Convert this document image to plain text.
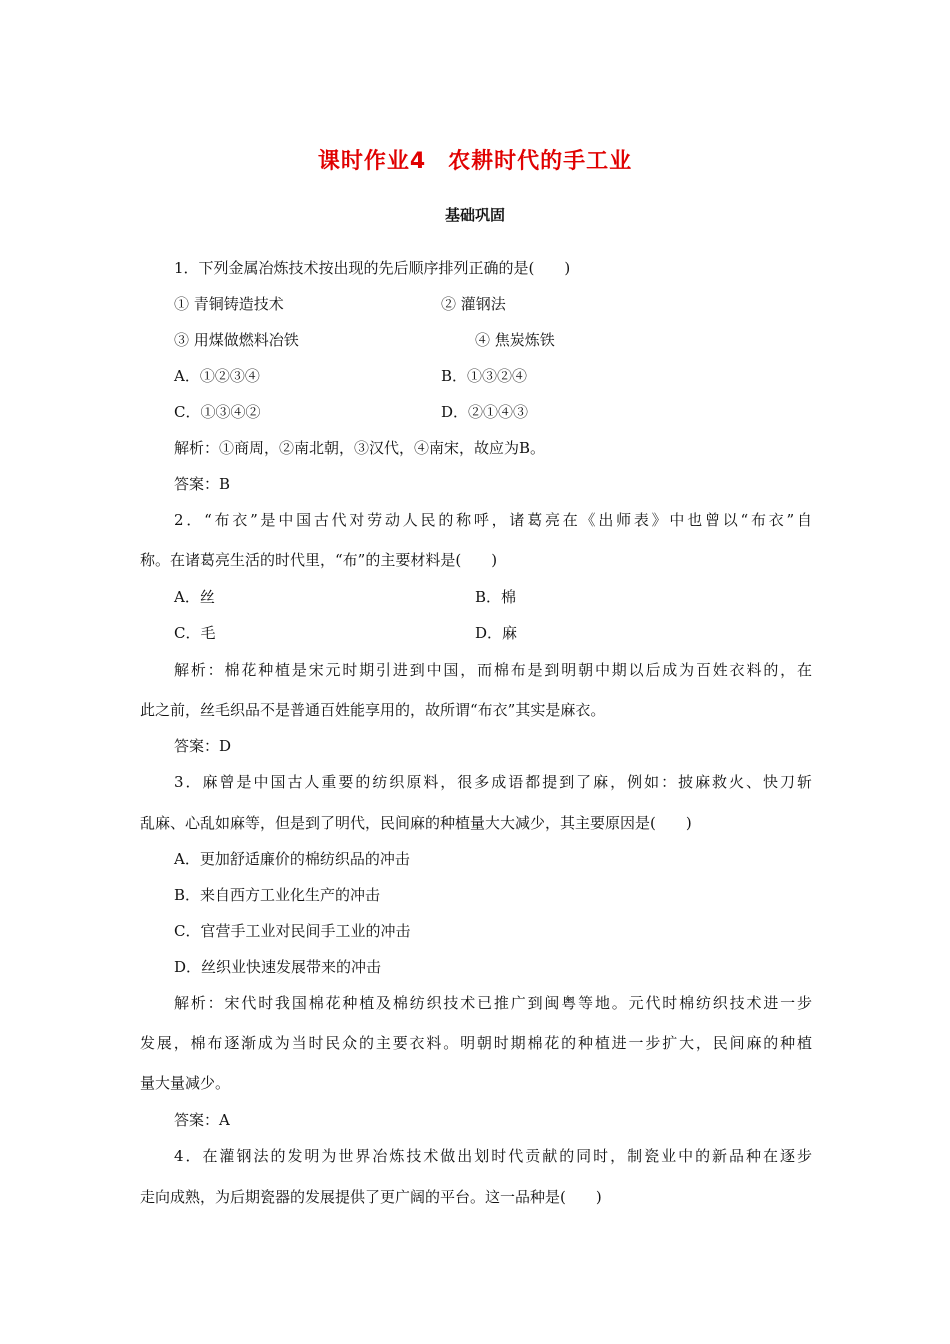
课时作业4 农耕时代的手工业
基础巩固
1．下列金属冶炼技术按出现的先后顺序排列正确的是(　　)
① 青铜铸造技术	② 灌钢法
③ 用煤做燃料冶铁	④ 焦炭炼铁
A．①②③④	B．①③②④
C．①③④②	D．②①④③
解析：①商周，②南北朝，③汉代，④南宋，故应为B。
答案：B
2．“布衣”是中国古代对劳动人民的称呼，诸葛亮在《出师表》中也曾以“布衣”自
称。在诸葛亮生活的时代里，“布”的主要材料是(　　)
A．丝	B．棉
C．毛	D．麻
解析：棉花种植是宋元时期引进到中国，而棉布是到明朝中期以后成为百姓衣料的，在
此之前，丝毛织品不是普通百姓能享用的，故所谓“布衣”其实是麻衣。
答案：D
3．麻曾是中国古人重要的纺织原料，很多成语都提到了麻，例如：披麻救火、快刀斩
乱麻、心乱如麻等，但是到了明代，民间麻的种植量大大减少，其主要原因是(　　)
A．更加舒适廉价的棉纺织品的冲击
B．来自西方工业化生产的冲击
C．官营手工业对民间手工业的冲击
D．丝织业快速发展带来的冲击
解析：宋代时我国棉花种植及棉纺织技术已推广到闽粤等地。元代时棉纺织技术进一步
发展，棉布逐渐成为当时民众的主要衣料。明朝时期棉花的种植进一步扩大，民间麻的种植
量大量减少。
答案：A
4．在灌钢法的发明为世界冶炼技术做出划时代贡献的同时，制瓷业中的新品种在逐步
走向成熟，为后期瓷器的发展提供了更广阔的平台。这一品种是(　　)
